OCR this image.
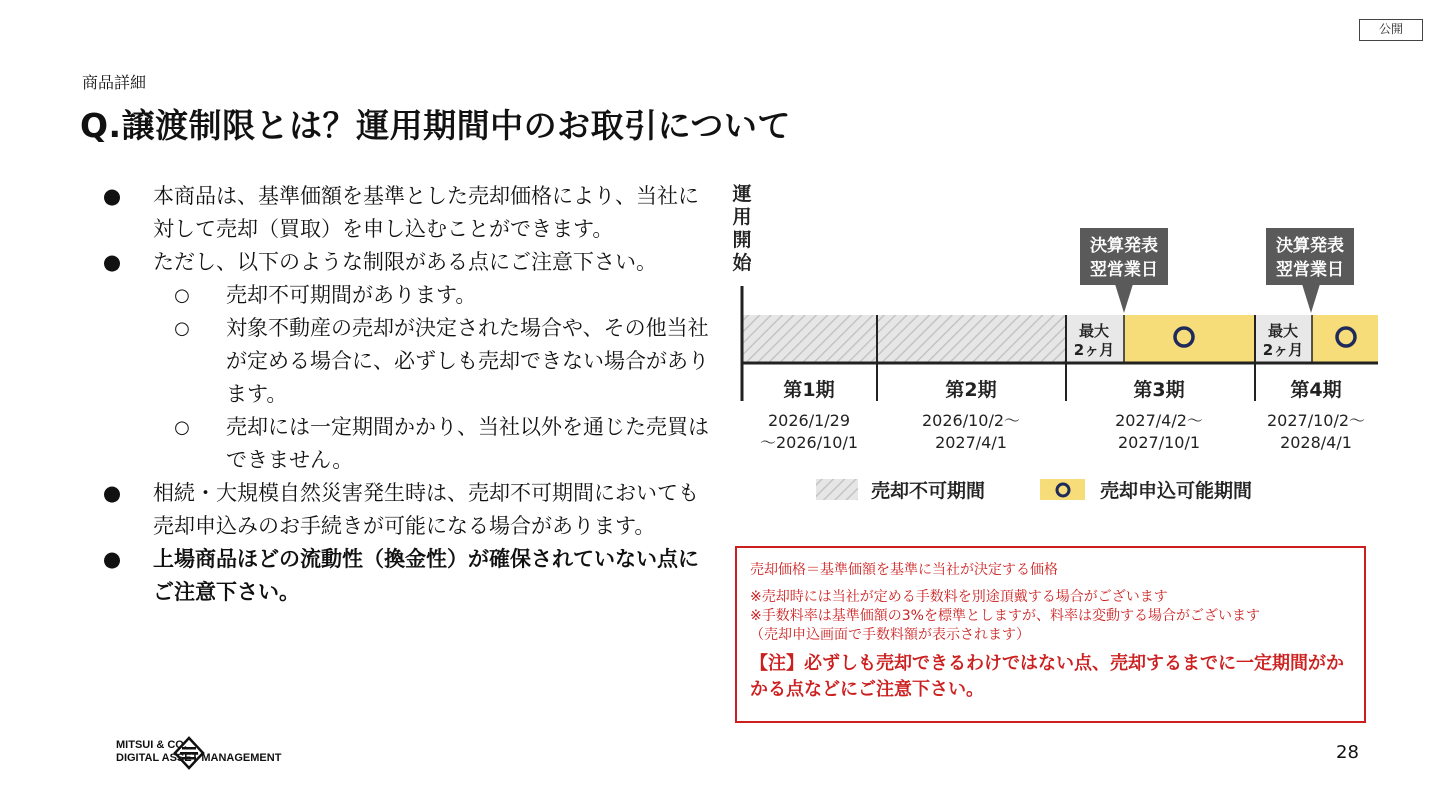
公開
商品詳細
Q.譲渡制限とは？運用期間中のお取引について
● 本商品は、基準価額を基準とした売却価格により、当社に対して売却（買取）を申し込むことができます。
● ただし、以下のような制限がある点にご注意下さい。
○ 売却不可期間があります。
○ 対象不動産の売却が決定された場合や、その他当社が定める場合に、必ずしも売却できない場合があります。
○ 売却には一定期間かかり、当社以外を通じた売買はできません。
● 相続・大規模自然災害発生時は、売却不可期間においても売却申込みのお手続きが可能になる場合があります。
● 上場商品ほどの流動性（換金性）が確保されていない点にご注意下さい。
運
用
開
始
最大
2ヶ月
最大
2ヶ月
決算発表
翌営業日
決算発表
翌営業日
第1期
2026/1/29
〜2026/10/1
第2期
2026/10/2〜
2027/4/1
第3期
2027/4/2〜
2027/10/1
第4期
2027/10/2〜
2028/4/1
売却不可期間	売却申込可能期間
売却価格＝基準価額を基準に当社が決定する価格
※売却時には当社が定める手数料を別途頂戴する場合がございます
※手数料率は基準価額の3%を標準としますが、料率は変動する場合がございます
（売却申込画面で手数料額が表示されます）
【注】必ずしも売却できるわけではない点、売却するまでに一定期間がかかる点などにご注意下さい。
MITSUI & CO.
DIGITAL ASSET MANAGEMENT	28
